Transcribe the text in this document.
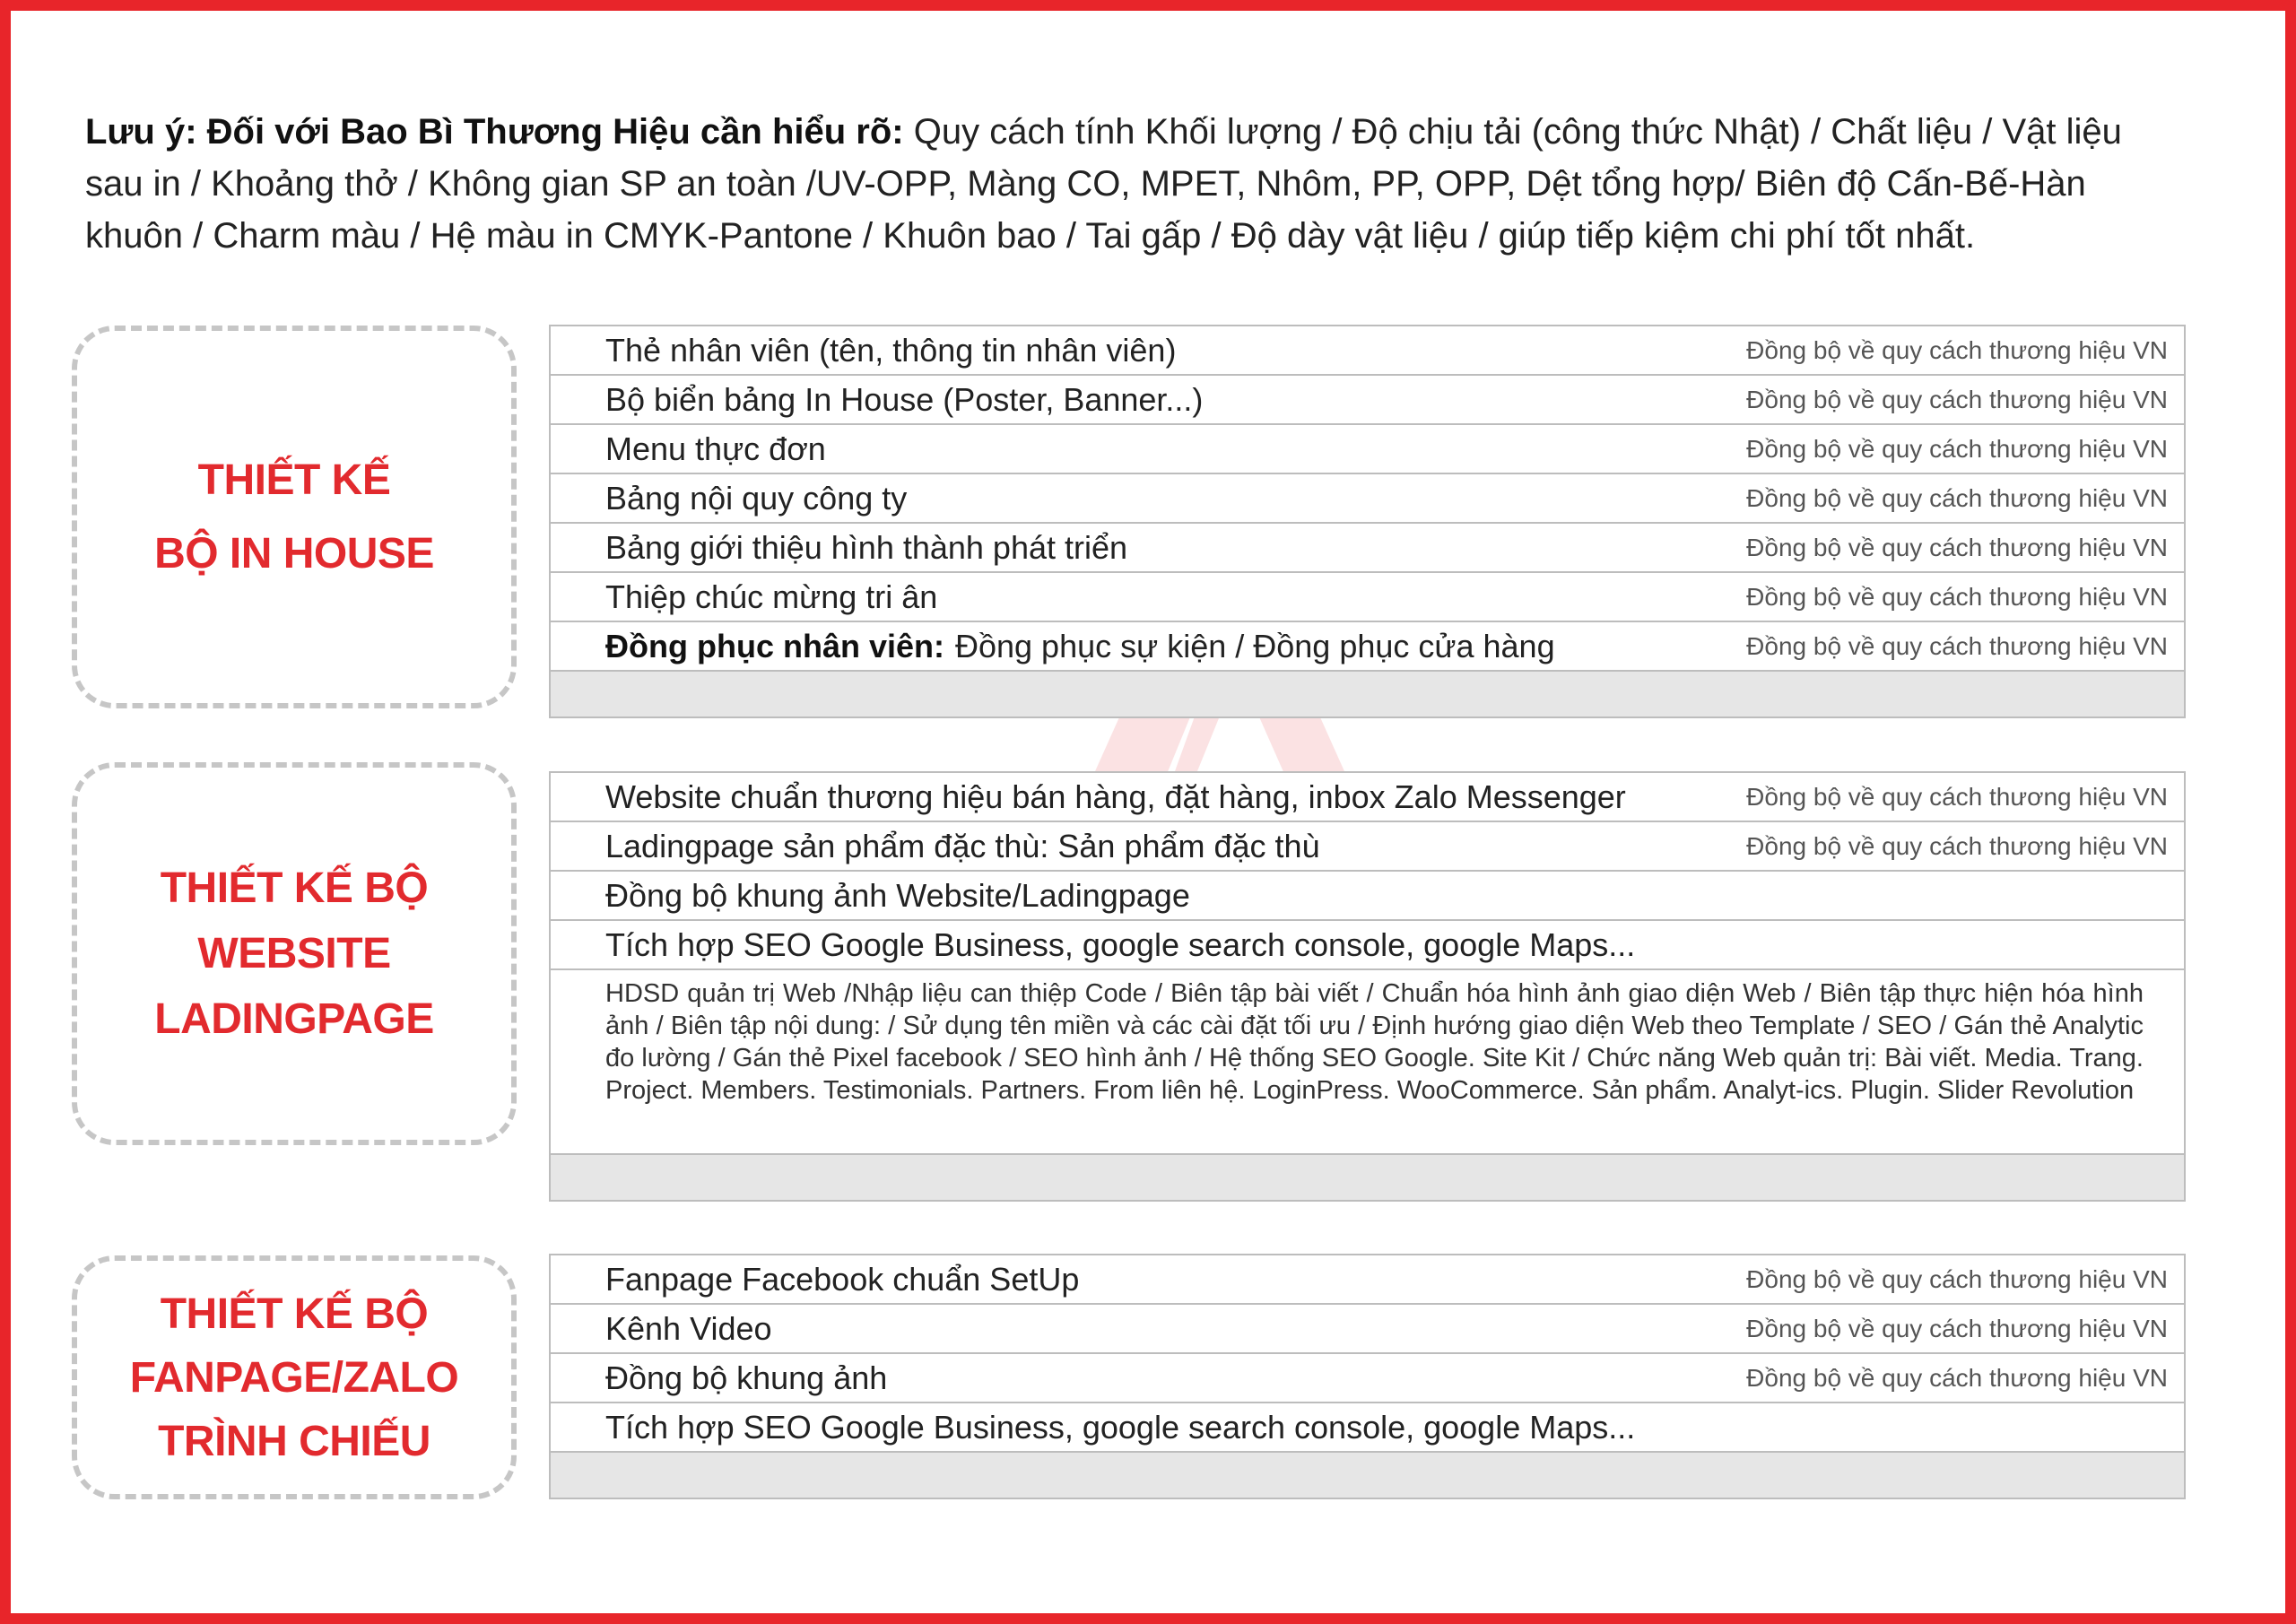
Lưu ý: Đối với Bao Bì Thương Hiệu cần hiểu rõ: Quy cách tính Khối lượng / Độ chịu tải (công thức Nhật) / Chất liệu / Vật liệu sau in / Khoảng thở / Không gian SP an toàn /UV-OPP, Màng CO, MPET, Nhôm, PP, OPP, Dệt tổng hợp/ Biên độ Cấn-Bế-Hàn khuôn / Charm màu / Hệ màu in CMYK-Pantone / Khuôn bao / Tai gấp / Độ dày vật liệu / giúp tiếp kiệm chi phí tốt nhất.

THIẾT KẾ
BỘ IN HOUSE
Thẻ nhân viên (tên, thông tin nhân viên)	Đồng bộ về quy cách thương hiệu VN
Bộ biển bảng In House (Poster, Banner...)	Đồng bộ về quy cách thương hiệu VN
Menu thực đơn	Đồng bộ về quy cách thương hiệu VN
Bảng nội quy công ty	Đồng bộ về quy cách thương hiệu VN
Bảng giới thiệu hình thành phát triển	Đồng bộ về quy cách thương hiệu VN
Thiệp chúc mừng tri ân	Đồng bộ về quy cách thương hiệu VN
Đồng phục nhân viên: Đồng phục sự kiện / Đồng phục cửa hàng	Đồng bộ về quy cách thương hiệu VN
THIẾT KẾ BỘ
WEBSITE
LADINGPAGE
Website chuẩn thương hiệu bán hàng, đặt hàng, inbox Zalo Messenger	Đồng bộ về quy cách thương hiệu VN
Ladingpage sản phẩm đặc thù: Sản phẩm đặc thù	Đồng bộ về quy cách thương hiệu VN
Đồng bộ khung ảnh Website/Ladingpage
Tích hợp SEO Google Business, google search console, google Maps...
HDSD quản trị Web /Nhập liệu can thiệp Code / Biên tập bài viết / Chuẩn hóa hình ảnh giao diện Web / Biên tập thực hiện hóa hình ảnh / Biên tập nội dung: / Sử dụng tên miền và các cài đặt tối ưu / Định hướng giao diện Web theo Template / SEO / Gán thẻ Analytic đo lường / Gán thẻ Pixel facebook / SEO hình ảnh / Hệ thống SEO Google. Site Kit / Chức năng Web quản trị: Bài viết. Media. Trang. Project. Members. Testimonials. Partners. From liên hệ. LoginPress. WooCommerce. Sản phẩm. Analyt-ics. Plugin. Slider Revolution
THIẾT KẾ BỘ
FANPAGE/ZALO
TRÌNH CHIẾU
Fanpage Facebook chuẩn SetUp	Đồng bộ về quy cách thương hiệu VN
Kênh Video	Đồng bộ về quy cách thương hiệu VN
Đồng bộ khung ảnh	Đồng bộ về quy cách thương hiệu VN
Tích hợp SEO Google Business, google search console, google Maps...
